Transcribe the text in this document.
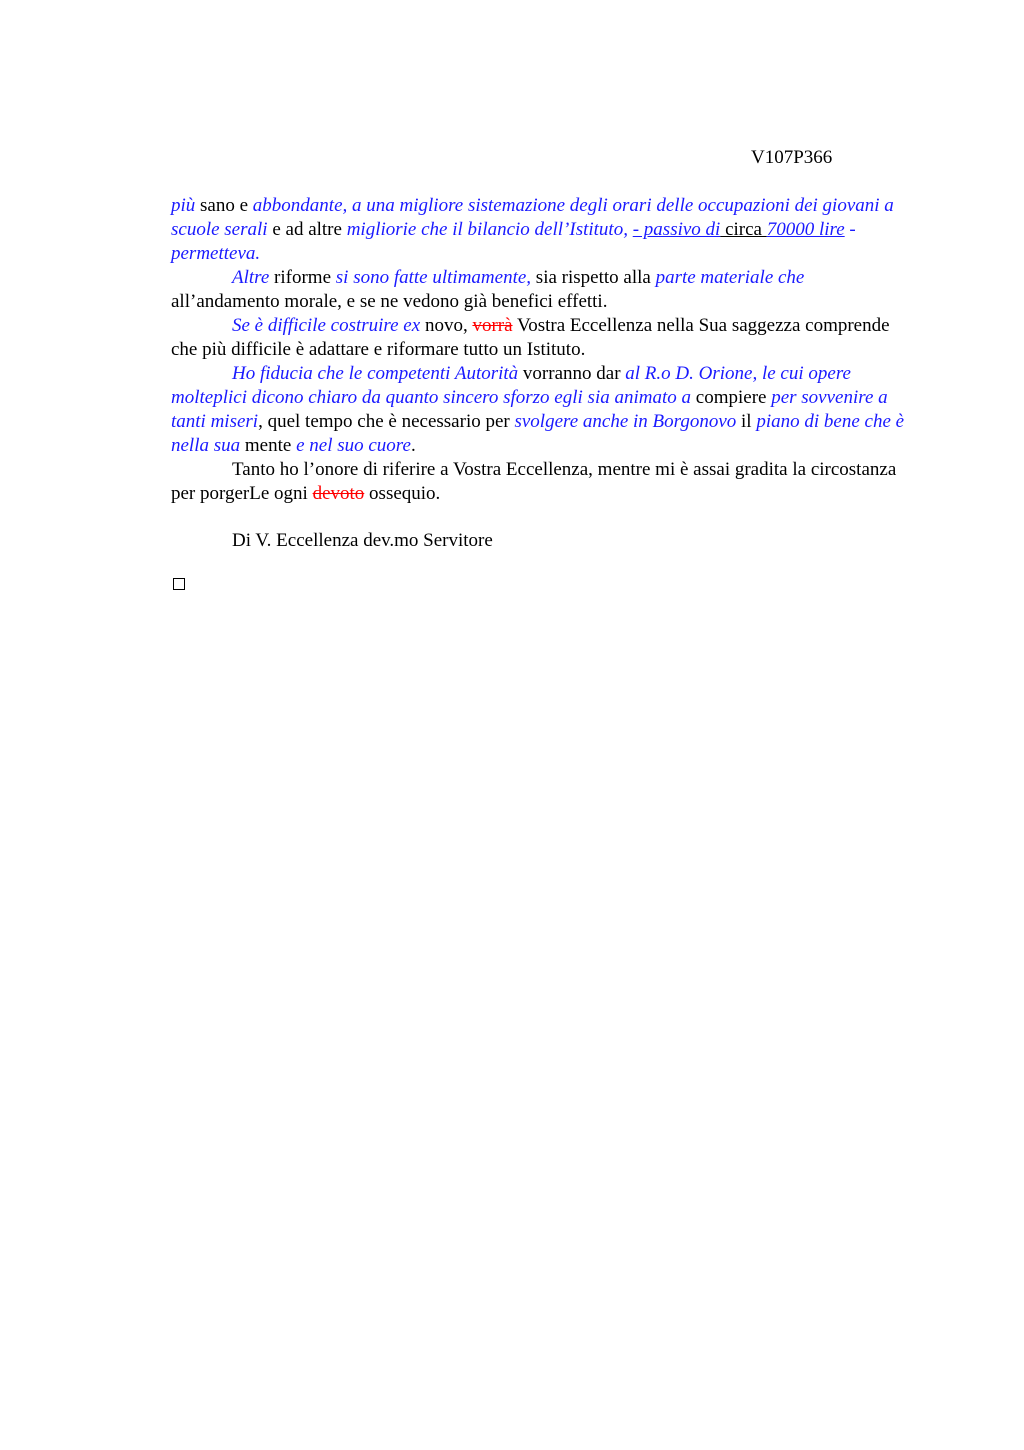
V107P366

più sano e abbondante, a una migliore sistemazione degli orari delle occupazioni dei giovani a scuole serali e ad altre migliorie che il bilancio dell’Istituto, - passivo di circa 70000 lire - permetteva.

Altre riforme si sono fatte ultimamente, sia rispetto alla parte materiale che all’andamento morale, e se ne vedono già benefici effetti.

Se è difficile costruire ex novo, vorrà Vostra Eccellenza nella Sua saggezza comprende che più difficile è adattare e riformare tutto un Istituto.

Ho fiducia che le competenti Autorità vorranno dar al R.o D. Orione, le cui opere molteplici dicono chiaro da quanto sincero sforzo egli sia animato a compiere per sovvenire a tanti miseri, quel tempo che è necessario per svolgere anche in Borgonovo il piano di bene che è nella sua mente e nel suo cuore.

Tanto ho l’onore di riferire a Vostra Eccellenza, mentre mi è assai gradita la circostanza per porgerLe ogni devoto ossequio.

Di V. Eccellenza dev.mo Servitore
